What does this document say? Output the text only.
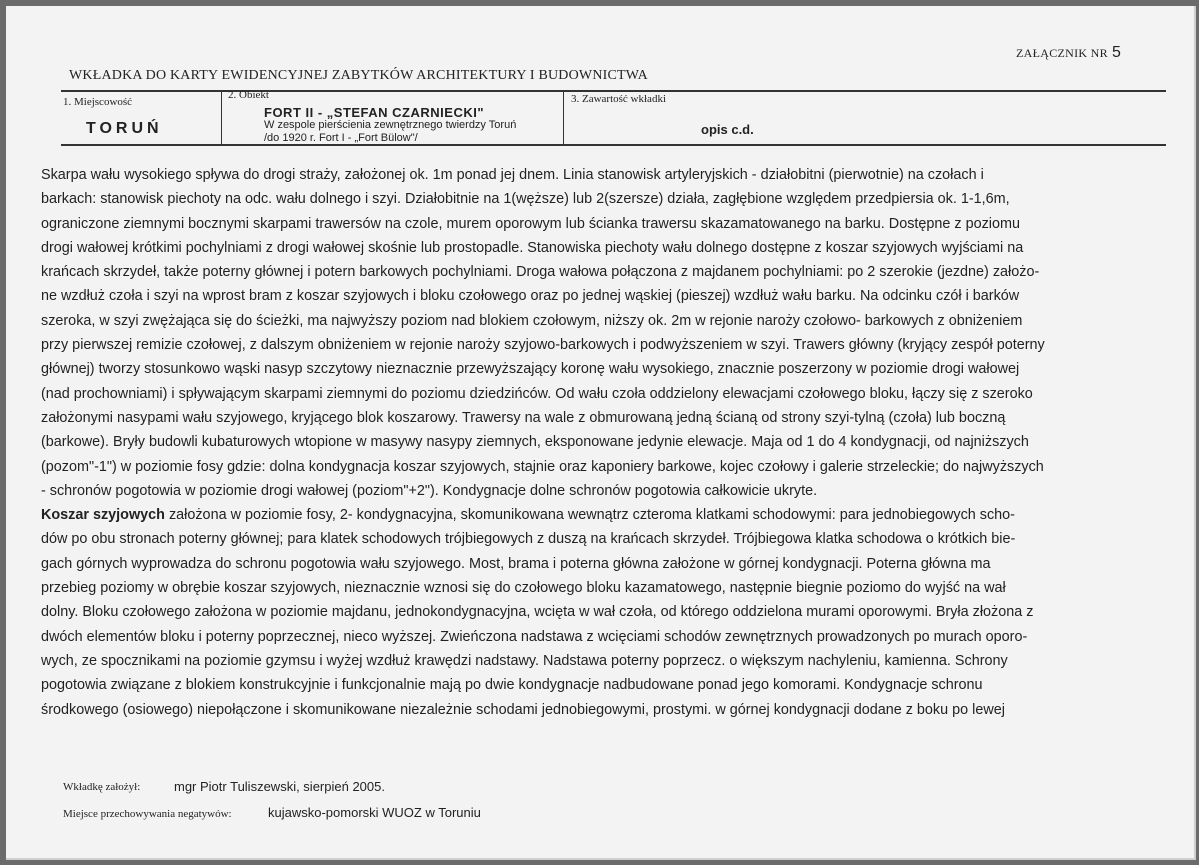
ZAŁĄCZNIK NR 5
WKŁADKA DO KARTY EWIDENCYJNEJ ZABYTKÓW ARCHITEKTURY I BUDOWNICTWA
1. Miejscowość
TORUŃ
2. Obiekt
FORT II - „STEFAN CZARNIECKI"
W zespole pierścienia zewnętrznego twierdzy Toruń
/do 1920 r. Fort I - „Fort Bülow"/
3. Zawartość wkładki
opis c.d.
Skarpa wału wysokiego spływa do drogi straży, założonej ok. 1m ponad jej dnem. Linia stanowisk artyleryjskich - działobitni (pierwotnie) na czołach i
barkach: stanowisk piechoty na odc. wału dolnego i szyi. Działobitnie na 1(węższe) lub 2(szersze) działa, zagłębione względem przedpiersia ok. 1-1,6m,
ograniczone ziemnymi bocznymi skarpami trawersów na czole, murem oporowym lub ścianka trawersu skazamatowanego na barku. Dostępne z poziomu
drogi wałowej krótkimi pochylniami z drogi wałowej skośnie lub prostopadle. Stanowiska piechoty wału dolnego dostępne z koszar szyjowych wyjściami na
krańcach skrzydeł, także poterny głównej i potern barkowych pochylniami. Droga wałowa połączona z majdanem pochylniami: po 2 szerokie (jezdne) założo-
ne wzdłuż czoła i szyi na wprost bram z koszar szyjowych i bloku czołowego oraz po jednej wąskiej (pieszej) wzdłuż wału barku. Na odcinku czół i barków
szeroka, w szyi zwężająca się do ścieżki, ma najwyższy poziom nad blokiem czołowym, niższy ok. 2m w rejonie naroży czołowo- barkowych z obniżeniem
przy pierwszej remizie czołowej, z dalszym obniżeniem w rejonie naroży szyjowo-barkowych i podwyższeniem w szyi. Trawers główny (kryjący zespół poterny
głównej) tworzy stosunkowo wąski nasyp szczytowy nieznacznie przewyższający koronę wału wysokiego, znacznie poszerzony w poziomie drogi wałowej
(nad prochowniami) i spływającym skarpami ziemnymi do poziomu dziedzińców. Od wału czoła oddzielony elewacjami czołowego bloku, łączy się z szeroko
założonymi nasypami wału szyjowego, kryjącego blok koszarowy. Trawersy na wale z obmurowaną jedną ścianą od strony szyi-tylną (czoła) lub boczną
(barkowe). Bryły budowli kubaturowych wtopione w masywy nasypy ziemnych, eksponowane jedynie elewacje. Maja od 1 do 4 kondygnacji, od najniższych
(pozom"-1") w poziomie fosy gdzie: dolna kondygnacja koszar szyjowych, stajnie oraz kaponiery barkowe, kojec czołowy i galerie strzeleckie; do najwyższych
- schronów pogotowia w poziomie drogi wałowej (poziom"+2"). Kondygnacje dolne schronów pogotowia całkowicie ukryte.
Koszar szyjowych założona w poziomie fosy, 2- kondygnacyjna, skomunikowana wewnątrz czteroma klatkami schodowymi: para jednobiegowych scho-
dów po obu stronach poterny głównej; para klatek schodowych trójbiegowych z duszą na krańcach skrzydeł. Trójbiegowa klatka schodowa o krótkich bie-
gach górnych wyprowadza do schronu pogotowia wału szyjowego. Most, brama i poterna główna założone w górnej kondygnacji. Poterna główna ma
przebieg poziomy w obrębie koszar szyjowych, nieznacznie wznosi się do czołowego bloku kazamatowego, następnie biegnie poziomo do wyjść na wał
dolny. Bloku czołowego założona w poziomie majdanu, jednokondygnacyjna, wcięta w wał czoła, od którego oddzielona murami oporowymi. Bryła złożona z
dwóch elementów bloku i poterny poprzecznej, nieco wyższej. Zwieńczona nadstawa z wcięciami schodów zewnętrznych prowadzonych po murach oporo-
wych, ze spocznikami na poziomie gzymsu i wyżej wzdłuż krawędzi nadstawy. Nadstawa poterny poprzecz. o większym nachyleniu, kamienna. Schrony
pogotowia związane z blokiem konstrukcyjnie i funkcjonalnie mają po dwie kondygnacje nadbudowane ponad jego komorami. Kondygnacje schronu
środkowego (osiowego) niepołączone i skomunikowane niezależnie schodami jednobiegowymi, prostymi. w górnej kondygnacji dodane z boku po lewej
Wkładkę założył:	mgr Piotr Tuliszewski, sierpień 2005.
Miejsce przechowywania negatywów:	kujawsko-pomorski WUOZ w Toruniu
